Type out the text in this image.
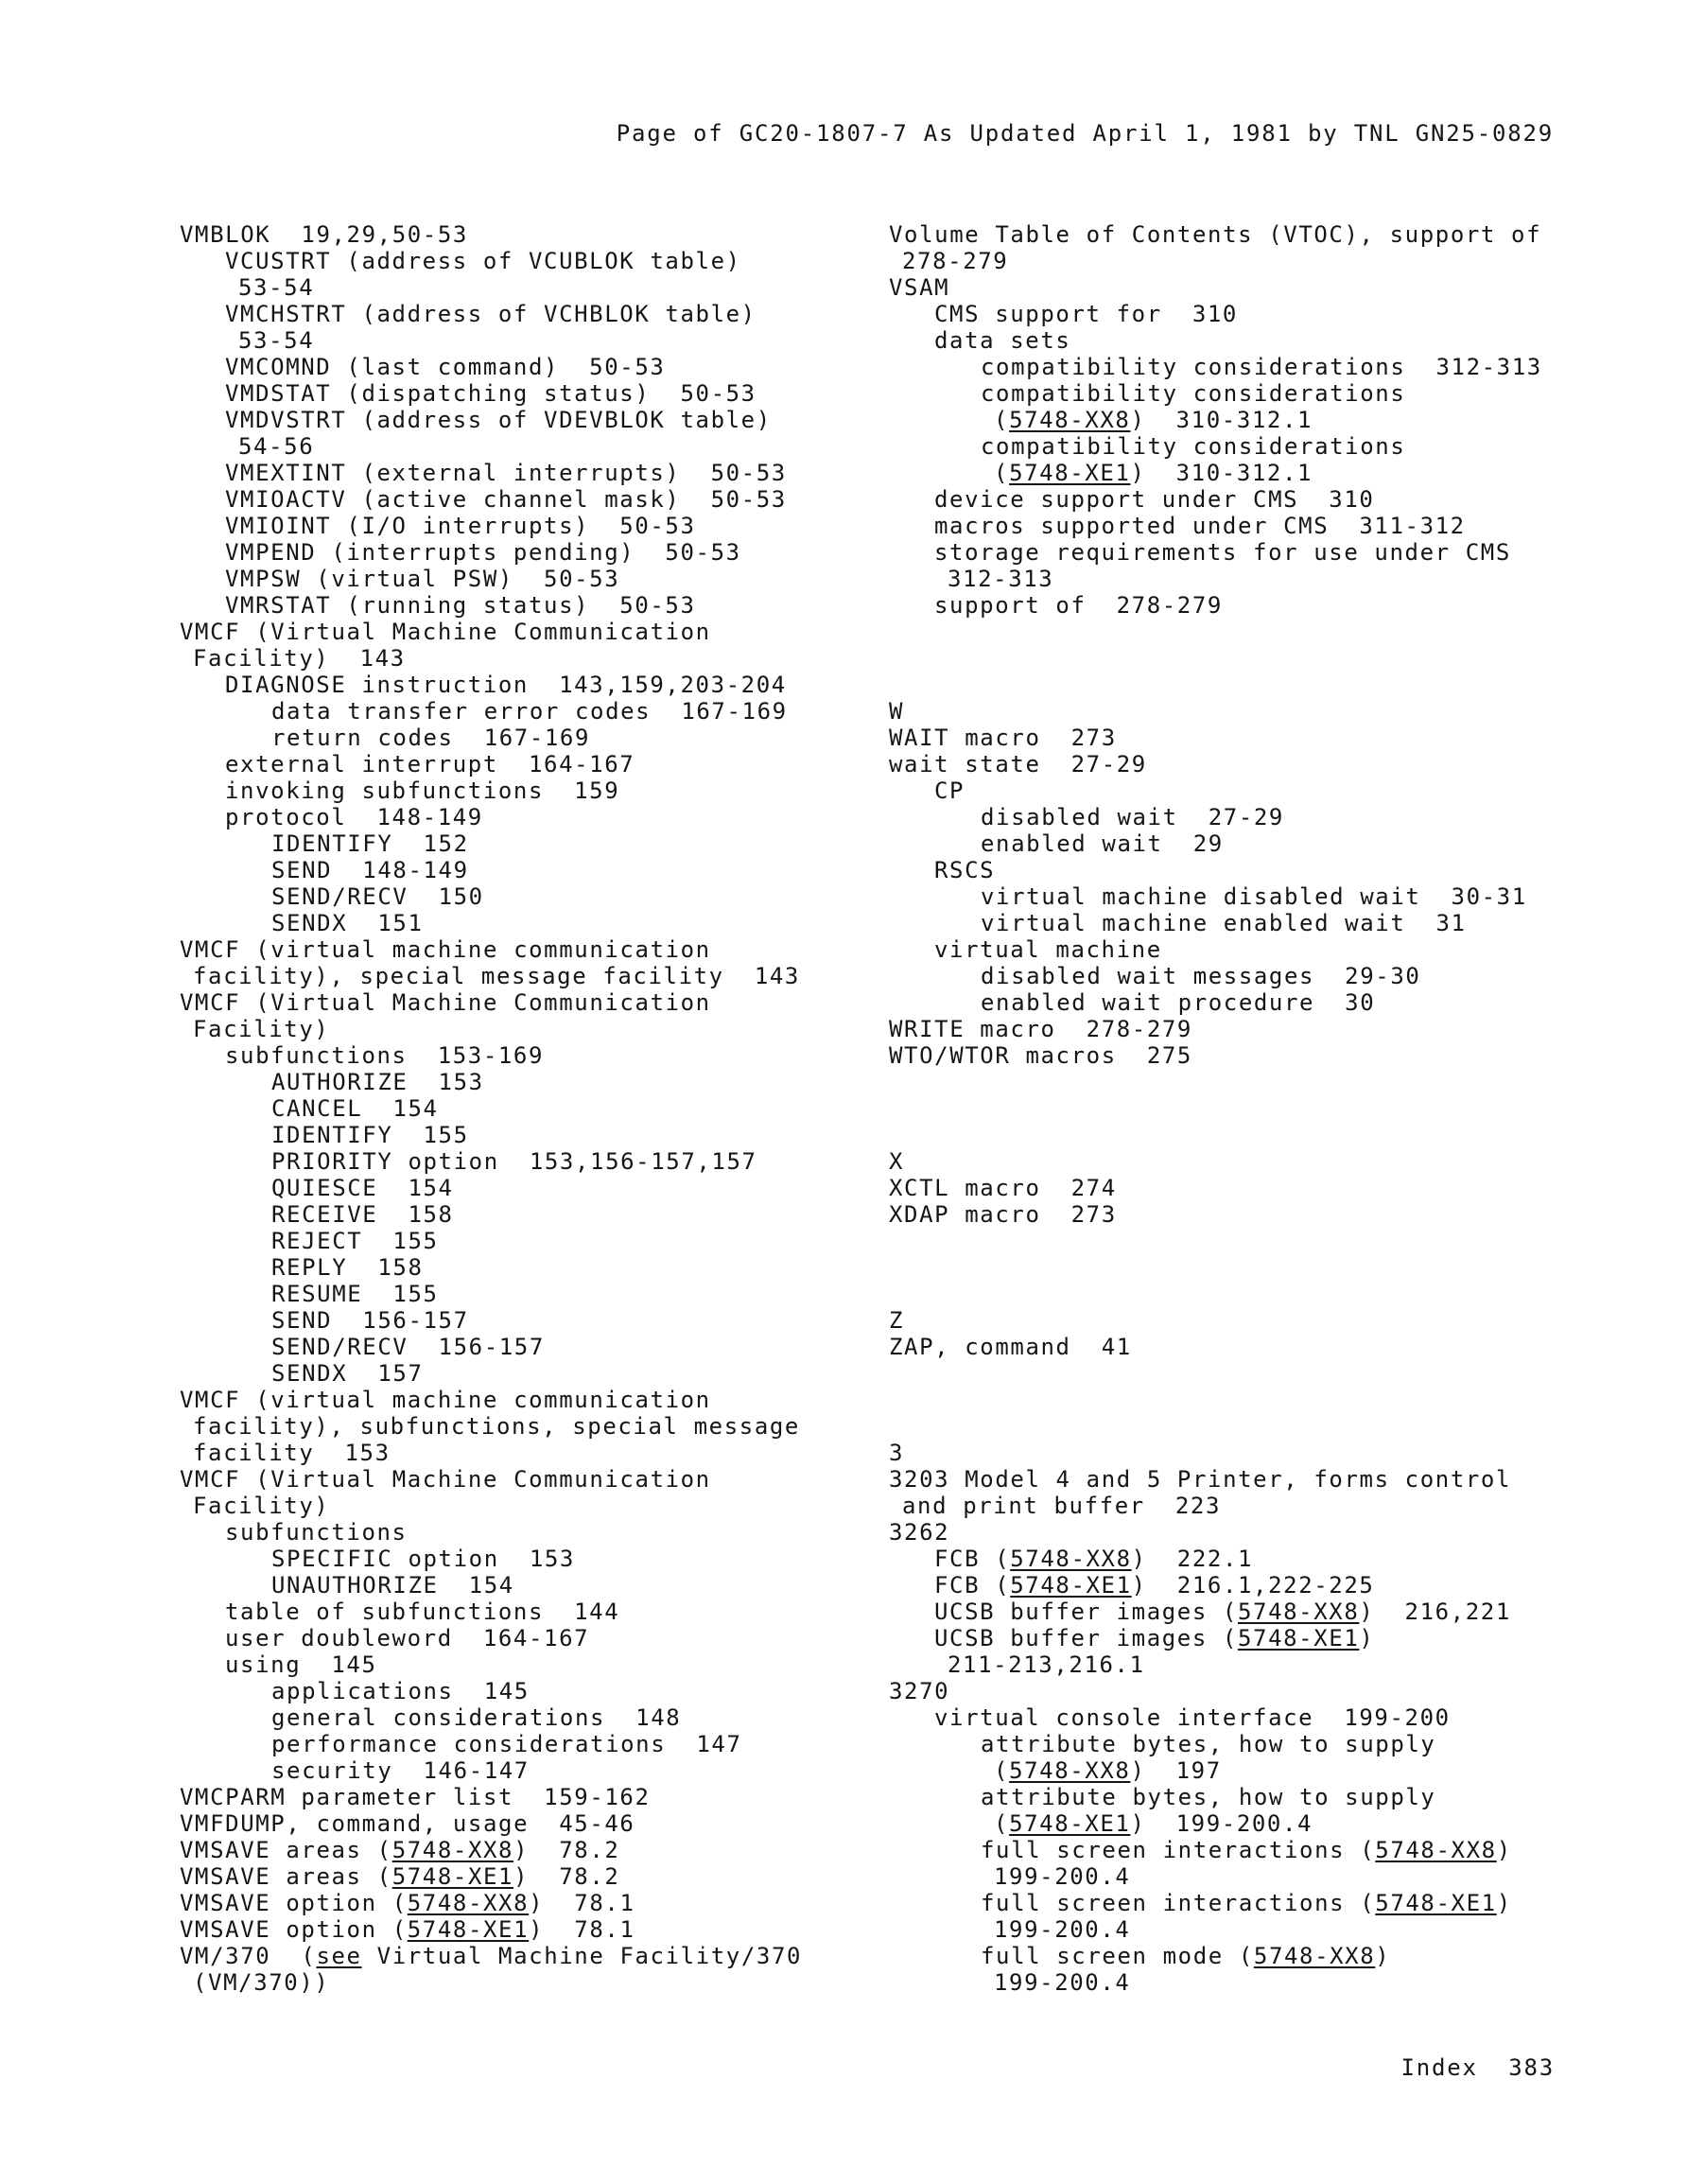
Page of GC20-1807-7 As Updated April 1, 1981 by TNL GN25-0829
VMBLOK  19,29,50-53
VCUSTRT (address of VCUBLOK table)
53-54
VMCHSTRT (address of VCHBLOK table)
53-54
VMCOMND (last command)  50-53
VMDSTAT (dispatching status)  50-53
VMDVSTRT (address of VDEVBLOK table)
54-56
VMEXTINT (external interrupts)  50-53
VMIOACTV (active channel mask)  50-53
VMIOINT (I/O interrupts)  50-53
VMPEND (interrupts pending)  50-53
VMPSW (virtual PSW)  50-53
VMRSTAT (running status)  50-53
VMCF (Virtual Machine Communication
Facility)  143
DIAGNOSE instruction  143,159,203-204
data transfer error codes  167-169
return codes  167-169
external interrupt  164-167
invoking subfunctions  159
protocol  148-149
IDENTIFY  152
SEND  148-149
SEND/RECV  150
SENDX  151
VMCF (virtual machine communication
facility), special message facility  143
VMCF (Virtual Machine Communication
Facility)
subfunctions  153-169
AUTHORIZE  153
CANCEL  154
IDENTIFY  155
PRIORITY option  153,156-157,157
QUIESCE  154
RECEIVE  158
REJECT  155
REPLY  158
RESUME  155
SEND  156-157
SEND/RECV  156-157
SENDX  157
VMCF (virtual machine communication
facility), subfunctions, special message
facility  153
VMCF (Virtual Machine Communication
Facility)
subfunctions
SPECIFIC option  153
UNAUTHORIZE  154
table of subfunctions  144
user doubleword  164-167
using  145
applications  145
general considerations  148
performance considerations  147
security  146-147
VMCPARM parameter list  159-162
VMFDUMP, command, usage  45-46
VMSAVE areas (5748-XX8)  78.2
VMSAVE areas (5748-XE1)  78.2
VMSAVE option (5748-XX8)  78.1
VMSAVE option (5748-XE1)  78.1
VM/370  (see Virtual Machine Facility/370
(VM/370))
Volume Table of Contents (VTOC), support of
278-279
VSAM
CMS support for  310
data sets
compatibility considerations  312-313
compatibility considerations
(5748-XX8)  310-312.1
compatibility considerations
(5748-XE1)  310-312.1
device support under CMS  310
macros supported under CMS  311-312
storage requirements for use under CMS
312-313
support of  278-279
W
WAIT macro  273
wait state  27-29
CP
disabled wait  27-29
enabled wait  29
RSCS
virtual machine disabled wait  30-31
virtual machine enabled wait  31
virtual machine
disabled wait messages  29-30
enabled wait procedure  30
WRITE macro  278-279
WTO/WTOR macros  275
X
XCTL macro  274
XDAP macro  273
Z
ZAP, command  41
3
3203 Model 4 and 5 Printer, forms control
and print buffer  223
3262
FCB (5748-XX8)  222.1
FCB (5748-XE1)  216.1,222-225
UCSB buffer images (5748-XX8)  216,221
UCSB buffer images (5748-XE1)
211-213,216.1
3270
virtual console interface  199-200
attribute bytes, how to supply
(5748-XX8)  197
attribute bytes, how to supply
(5748-XE1)  199-200.4
full screen interactions (5748-XX8)
199-200.4
full screen interactions (5748-XE1)
199-200.4
full screen mode (5748-XX8)
199-200.4
Index  383
